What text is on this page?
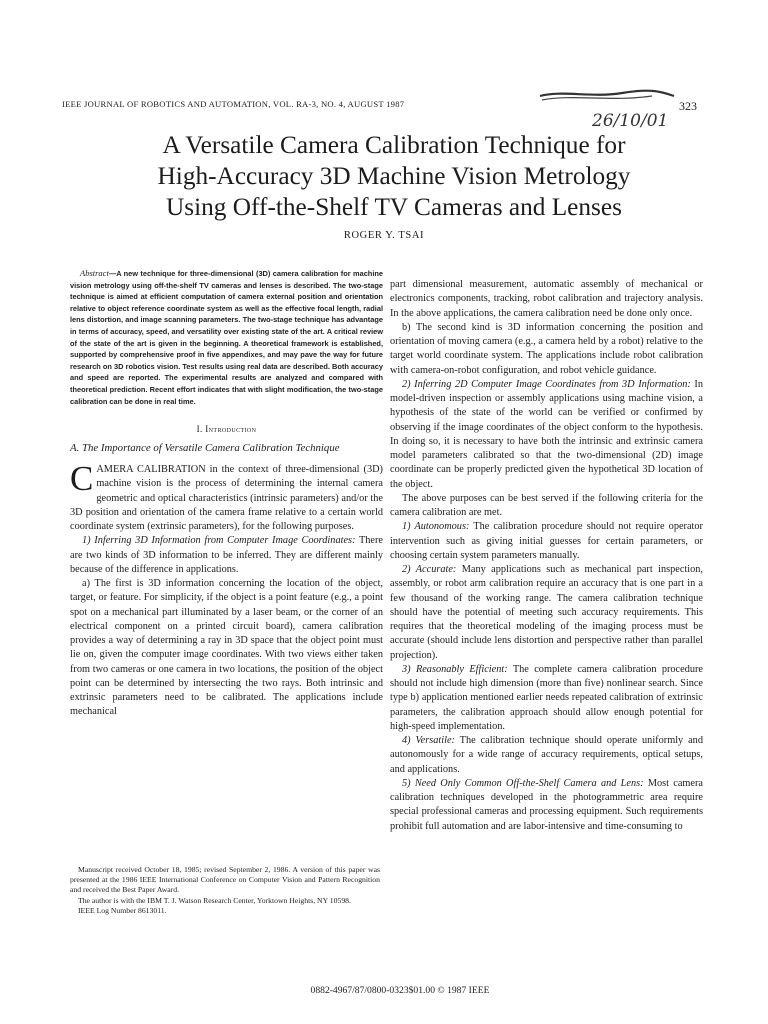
IEEE JOURNAL OF ROBOTICS AND AUTOMATION, VOL. RA-3, NO. 4, AUGUST 1987
26/10/01
323
A Versatile Camera Calibration Technique for
High-Accuracy 3D Machine Vision Metrology
Using Off-the-Shelf TV Cameras and Lenses
ROGER Y. TSAI

Abstract—A new technique for three-dimensional (3D) camera calibration for machine vision metrology using off-the-shelf TV cameras and lenses is described. The two-stage technique is aimed at efficient computation of camera external position and orientation relative to object reference coordinate system as well as the effective focal length, radial lens distortion, and image scanning parameters. The two-stage technique has advantage in terms of accuracy, speed, and versatility over existing state of the art. A critical review of the state of the art is given in the beginning. A theoretical framework is established, supported by comprehensive proof in five appendixes, and may pave the way for future research on 3D robotics vision. Test results using real data are described. Both accuracy and speed are reported. The experimental results are analyzed and compared with theoretical prediction. Recent effort indicates that with slight modification, the two-stage calibration can be done in real time.

I. Introduction
A. The Importance of Versatile Camera Calibration Technique

CAMERA CALIBRATION in the context of three-dimensional (3D) machine vision is the process of determining the internal camera geometric and optical characteristics (intrinsic parameters) and/or the 3D position and orientation of the camera frame relative to a certain world coordinate system (extrinsic parameters), for the following purposes.

1) Inferring 3D Information from Computer Image Coordinates: There are two kinds of 3D information to be inferred. They are different mainly because of the difference in applications.

a) The first is 3D information concerning the location of the object, target, or feature. For simplicity, if the object is a point feature (e.g., a point spot on a mechanical part illuminated by a laser beam, or the corner of an electrical component on a printed circuit board), camera calibration provides a way of determining a ray in 3D space that the object point must lie on, given the computer image coordinates. With two views either taken from two cameras or one camera in two locations, the position of the object point can be determined by intersecting the two rays. Both intrinsic and extrinsic parameters need to be calibrated. The applications include mechanical

part dimensional measurement, automatic assembly of mechanical or electronics components, tracking, robot calibration and trajectory analysis. In the above applications, the camera calibration need be done only once.

b) The second kind is 3D information concerning the position and orientation of moving camera (e.g., a camera held by a robot) relative to the target world coordinate system. The applications include robot calibration with camera-on-robot configuration, and robot vehicle guidance.

2) Inferring 2D Computer Image Coordinates from 3D Information: In model-driven inspection or assembly applications using machine vision, a hypothesis of the state of the world can be verified or confirmed by observing if the image coordinates of the object conform to the hypothesis. In doing so, it is necessary to have both the intrinsic and extrinsic camera model parameters calibrated so that the two-dimensional (2D) image coordinate can be properly predicted given the hypothetical 3D location of the object.

The above purposes can be best served if the following criteria for the camera calibration are met.

1) Autonomous: The calibration procedure should not require operator intervention such as giving initial guesses for certain parameters, or choosing certain system parameters manually.

2) Accurate: Many applications such as mechanical part inspection, assembly, or robot arm calibration require an accuracy that is one part in a few thousand of the working range. The camera calibration technique should have the potential of meeting such accuracy requirements. This requires that the theoretical modeling of the imaging process must be accurate (should include lens distortion and perspective rather than parallel projection).

3) Reasonably Efficient: The complete camera calibration procedure should not include high dimension (more than five) nonlinear search. Since type b) application mentioned earlier needs repeated calibration of extrinsic parameters, the calibration approach should allow enough potential for high-speed implementation.

4) Versatile: The calibration technique should operate uniformly and autonomously for a wide range of accuracy requirements, optical setups, and applications.

5) Need Only Common Off-the-Shelf Camera and Lens: Most camera calibration techniques developed in the photogrammetric area require special professional cameras and processing equipment. Such requirements prohibit full automation and are labor-intensive and time-consuming to

Manuscript received October 18, 1985; revised September 2, 1986. A version of this paper was presented at the 1986 IEEE International Conference on Computer Vision and Pattern Recognition and received the Best Paper Award.

The author is with the IBM T. J. Watson Research Center, Yorktown Heights, NY 10598.

IEEE Log Number 8613011.

0882-4967/87/0800-0323$01.00 © 1987 IEEE
